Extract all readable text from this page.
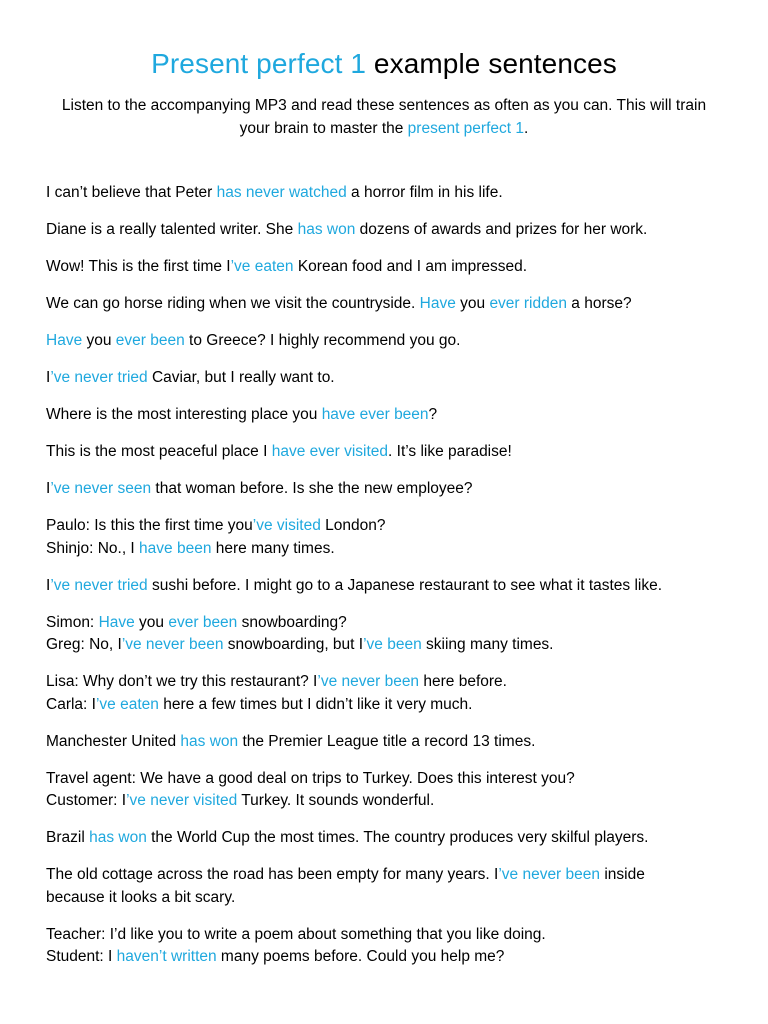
Present perfect 1 example sentences
Listen to the accompanying MP3 and read these sentences as often as you can. This will train your brain to master the present perfect 1.

I can’t believe that Peter has never watched a horror film in his life.

Diane is a really talented writer. She has won dozens of awards and prizes for her work.

Wow! This is the first time I’ve eaten Korean food and I am impressed.

We can go horse riding when we visit the countryside. Have you ever ridden a horse?

Have you ever been to Greece? I highly recommend you go.

I’ve never tried Caviar, but I really want to.

Where is the most interesting place you have ever been?

This is the most peaceful place I have ever visited. It’s like paradise!

I’ve never seen that woman before. Is she the new employee?

Paulo: Is this the first time you’ve visited London?
Shinjo: No., I have been here many times.

I’ve never tried sushi before. I might go to a Japanese restaurant to see what it tastes like.

Simon: Have you ever been snowboarding?
Greg: No, I’ve never been snowboarding, but I’ve been skiing many times.

Lisa: Why don’t we try this restaurant? I’ve never been here before.
Carla: I’ve eaten here a few times but I didn’t like it very much.

Manchester United has won the Premier League title a record 13 times.

Travel agent: We have a good deal on trips to Turkey. Does this interest you?
Customer: I’ve never visited Turkey. It sounds wonderful.

Brazil has won the World Cup the most times. The country produces very skilful players.

The old cottage across the road has been empty for many years. I’ve never been inside
because it looks a bit scary.

Teacher: I’d like you to write a poem about something that you like doing.
Student: I haven’t written many poems before. Could you help me?
